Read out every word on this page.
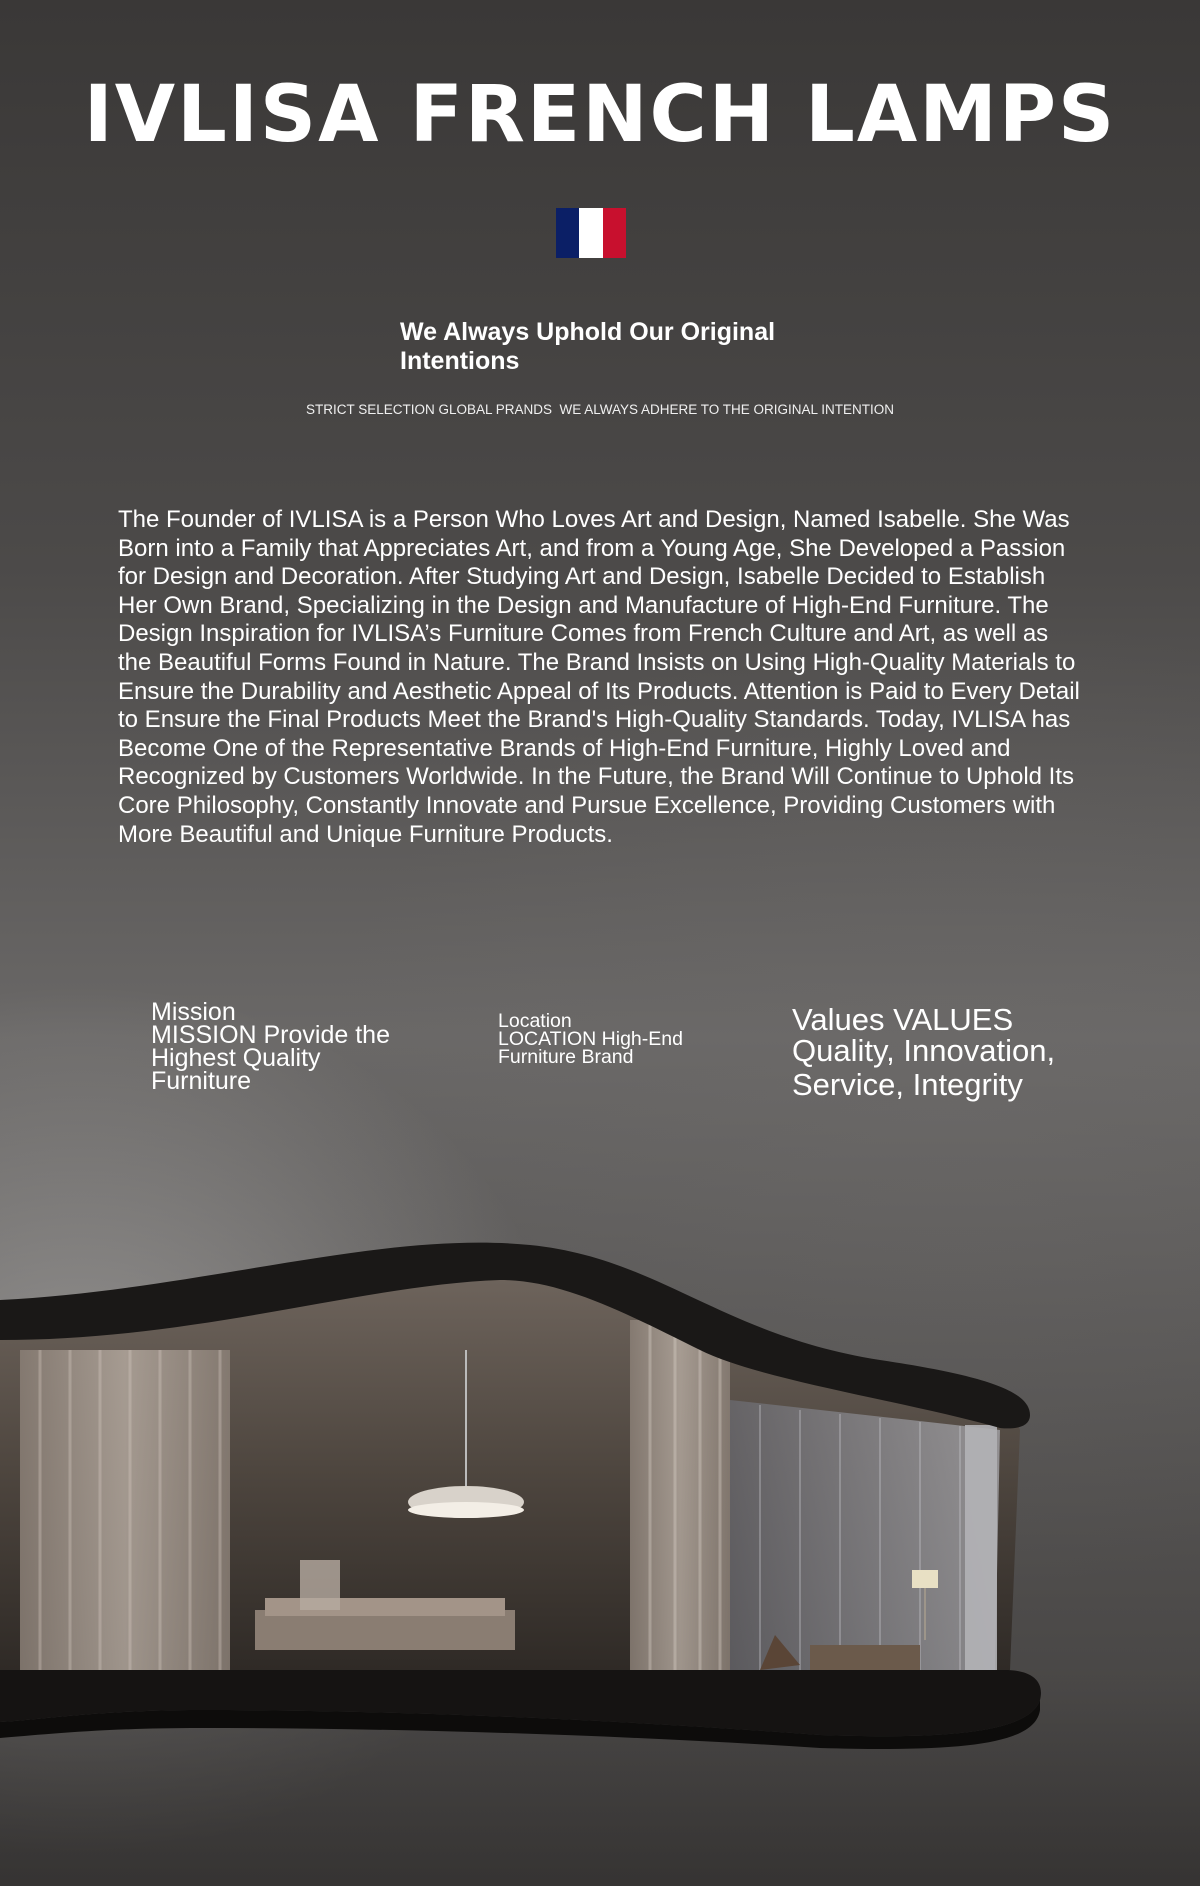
IVLISA FRENCH LAMPS
We Always Uphold Our Original Intentions
STRICT SELECTION GLOBAL PRANDS  WE ALWAYS ADHERE TO THE ORIGINAL INTENTION

The Founder of IVLISA is a Person Who Loves Art and Design, Named Isabelle. She Was Born into a Family that Appreciates Art, and from a Young Age, She Developed a Passion for Design and Decoration. After Studying Art and Design, Isabelle Decided to Establish Her Own Brand, Specializing in the Design and Manufacture of High-End Furniture. The Design Inspiration for IVLISA’s Furniture Comes from French Culture and Art, as well as the Beautiful Forms Found in Nature. The Brand Insists on Using High-Quality Materials to Ensure the Durability and Aesthetic Appeal of Its Products. Attention is Paid to Every Detail to Ensure the Final Products Meet the Brand's High-Quality Standards. Today, IVLISA has Become One of the Representative Brands of High-End Furniture, Highly Loved and Recognized by Customers Worldwide. In the Future, the Brand Will Continue to Uphold Its Core Philosophy, Constantly Innovate and Pursue Excellence, Providing Customers with More Beautiful and Unique Furniture Products.

Mission
MISSION Provide the Highest Quality Furniture
Location
LOCATION High-End Furniture Brand
Values VALUES
Quality, Innovation, Service, Integrity
